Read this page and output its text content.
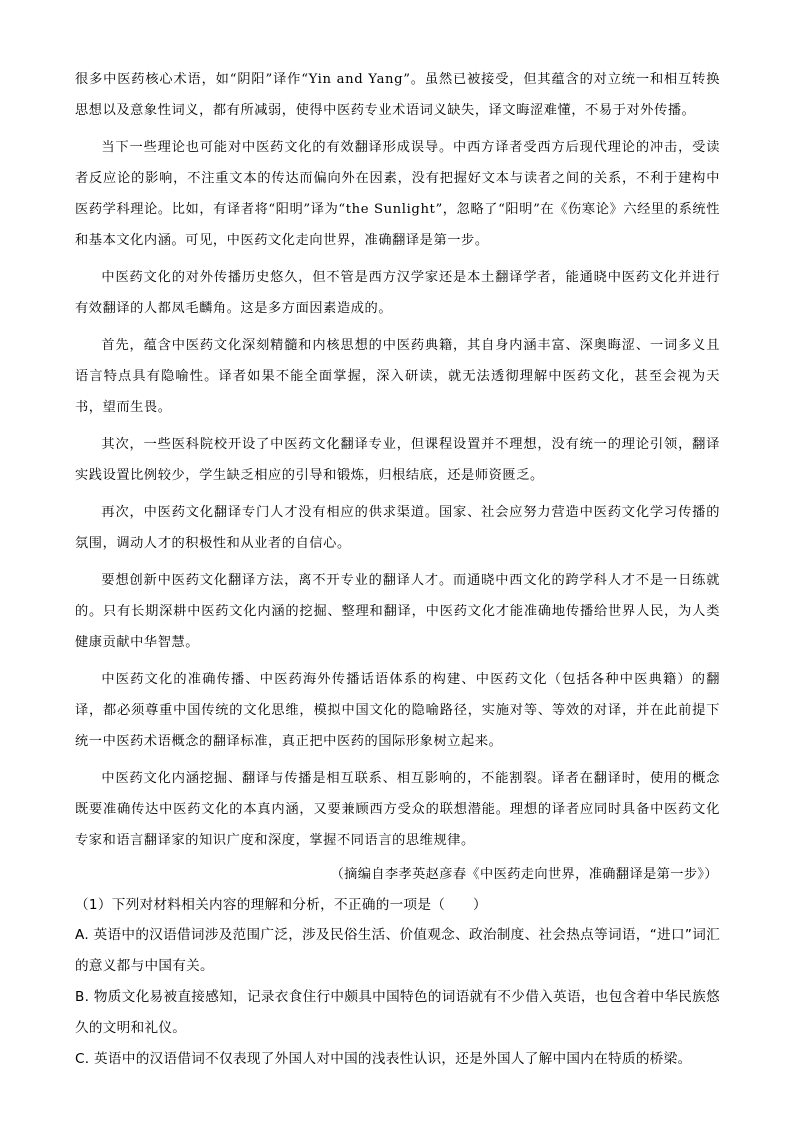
很多中医药核心术语，如“阴阳”译作“Yin and Yang”。虽然已被接受，但其蕴含的对立统一和相互转换思想以及意象性词义，都有所减弱，使得中医药专业术语词义缺失，译文晦涩难懂，不易于对外传播。

当下一些理论也可能对中医药文化的有效翻译形成误导。中西方译者受西方后现代理论的冲击，受读者反应论的影响，不注重文本的传达而偏向外在因素，没有把握好文本与读者之间的关系，不利于建构中医药学科理论。比如，有译者将“阳明”译为“the Sunlight”，忽略了“阳明”在《伤寒论》六经里的系统性和基本文化内涵。可见，中医药文化走向世界，准确翻译是第一步。

中医药文化的对外传播历史悠久，但不管是西方汉学家还是本土翻译学者，能通晓中医药文化并进行有效翻译的人都凤毛麟角。这是多方面因素造成的。

首先，蕴含中医药文化深刻精髓和内核思想的中医药典籍，其自身内涵丰富、深奥晦涩、一词多义且语言特点具有隐喻性。译者如果不能全面掌握，深入研读，就无法透彻理解中医药文化，甚至会视为天书，望而生畏。

其次，一些医科院校开设了中医药文化翻译专业，但课程设置并不理想，没有统一的理论引领，翻译实践设置比例较少，学生缺乏相应的引导和锻炼，归根结底，还是师资匮乏。

再次，中医药文化翻译专门人才没有相应的供求渠道。国家、社会应努力营造中医药文化学习传播的氛围，调动人才的积极性和从业者的自信心。

要想创新中医药文化翻译方法，离不开专业的翻译人才。而通晓中西文化的跨学科人才不是一日练就的。只有长期深耕中医药文化内涵的挖掘、整理和翻译，中医药文化才能准确地传播给世界人民，为人类健康贡献中华智慧。

中医药文化的准确传播、中医药海外传播话语体系的构建、中医药文化（包括各种中医典籍）的翻译，都必须尊重中国传统的文化思维，模拟中国文化的隐喻路径，实施对等、等效的对译，并在此前提下统一中医药术语概念的翻译标准，真正把中医药的国际形象树立起来。

中医药文化内涵挖掘、翻译与传播是相互联系、相互影响的，不能割裂。译者在翻译时，使用的概念既要准确传达中医药文化的本真内涵，又要兼顾西方受众的联想潜能。理想的译者应同时具备中医药文化专家和语言翻译家的知识广度和深度，掌握不同语言的思维规律。

（摘编自李孝英赵彦春《中医药走向世界，准确翻译是第一步》）

（1）下列对材料相关内容的理解和分析，不正确的一项是（　　）

A. 英语中的汉语借词涉及范围广泛，涉及民俗生活、价值观念、政治制度、社会热点等词语，“进口”词汇的意义都与中国有关。

B. 物质文化易被直接感知，记录衣食住行中颇具中国特色的词语就有不少借入英语，也包含着中华民族悠久的文明和礼仪。

C. 英语中的汉语借词不仅表现了外国人对中国的浅表性认识，还是外国人了解中国内在特质的桥梁。
